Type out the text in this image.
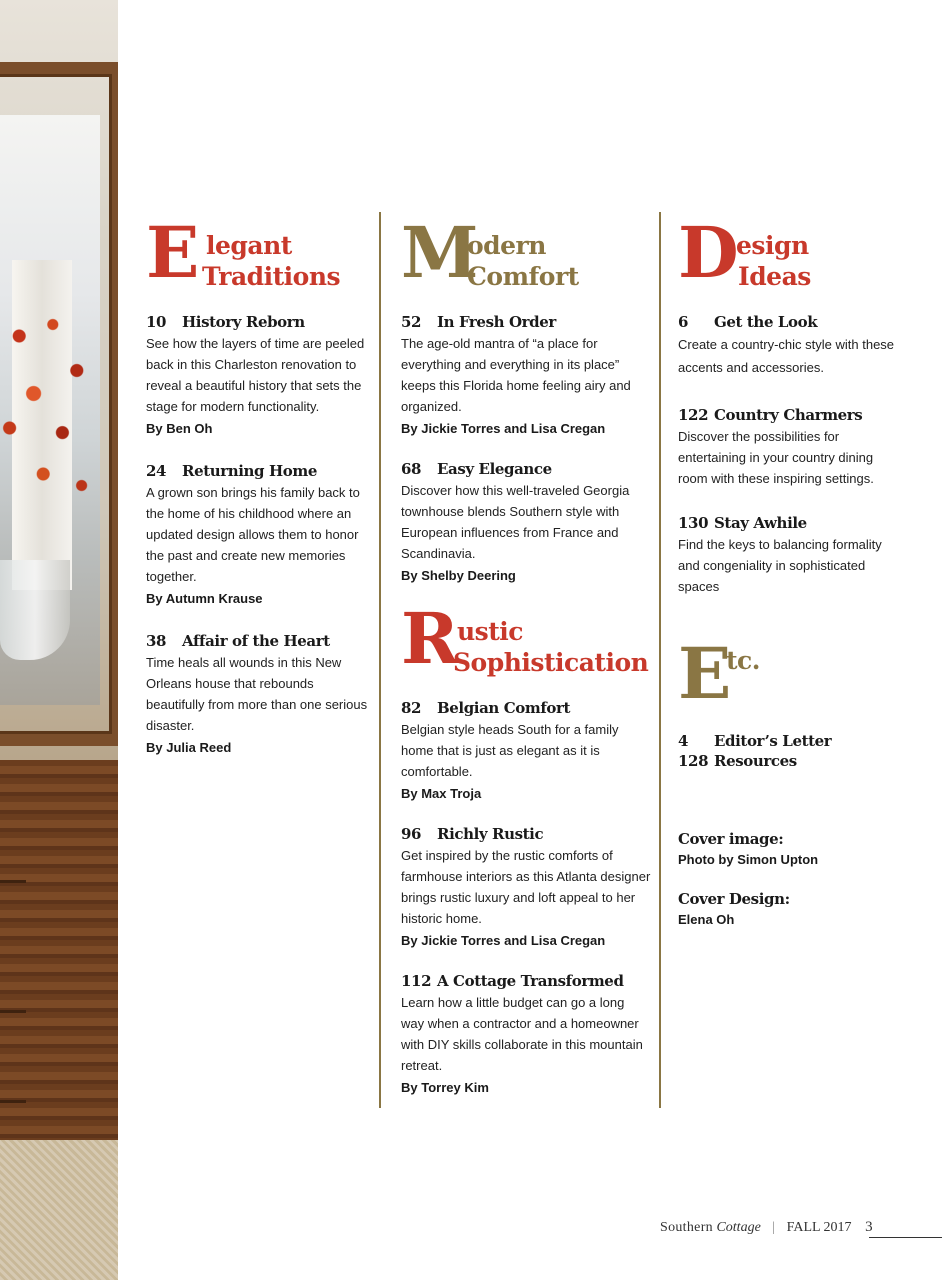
E legant
Traditions
10 History Reborn
See how the layers of time are peeled back in this Charleston renovation to reveal a beautiful history that sets the stage for modern functionality.
By Ben Oh
24 Returning Home
A grown son brings his family back to the home of his childhood where an updated design allows them to honor the past and create new memories together.
By Autumn Krause
38 Affair of the Heart
Time heals all wounds in this New Orleans house that rebounds beautifully from more than one serious disaster.
By Julia Reed
M
odern
Comfort
52 In Fresh Order
The age-old mantra of “a place for everything and everything in its place” keeps this Florida home feeling airy and organized.
By Jickie Torres and Lisa Cregan
68 Easy Elegance
Discover how this well-traveled Georgia townhouse blends Southern style with European influences from France and Scandinavia.
By Shelby Deering
R
ustic
Sophistication
82 Belgian Comfort
Belgian style heads South for a family home that is just as elegant as it is comfortable.
By Max Troja
96 Richly Rustic
Get inspired by the rustic comforts of farmhouse interiors as this Atlanta designer brings rustic luxury and loft appeal to her historic home.
By Jickie Torres and Lisa Cregan
112 A Cottage Transformed
Learn how a little budget can go a long way when a contractor and a homeowner with DIY skills collaborate in this mountain retreat.
By Torrey Kim
D
esign
Ideas
6 Get the Look
Create a country-chic style with these accents and accessories.
122 Country Charmers
Discover the possibilities for entertaining in your country dining room with these inspiring settings.
130 Stay Awhile
Find the keys to balancing formality and congeniality in sophisticated spaces
E
tc.
4 Editor’s Letter
128 Resources
Cover image:
Photo by Simon Upton
Cover Design:
Elena Oh
Southern Cottage | FALL 2017 3
